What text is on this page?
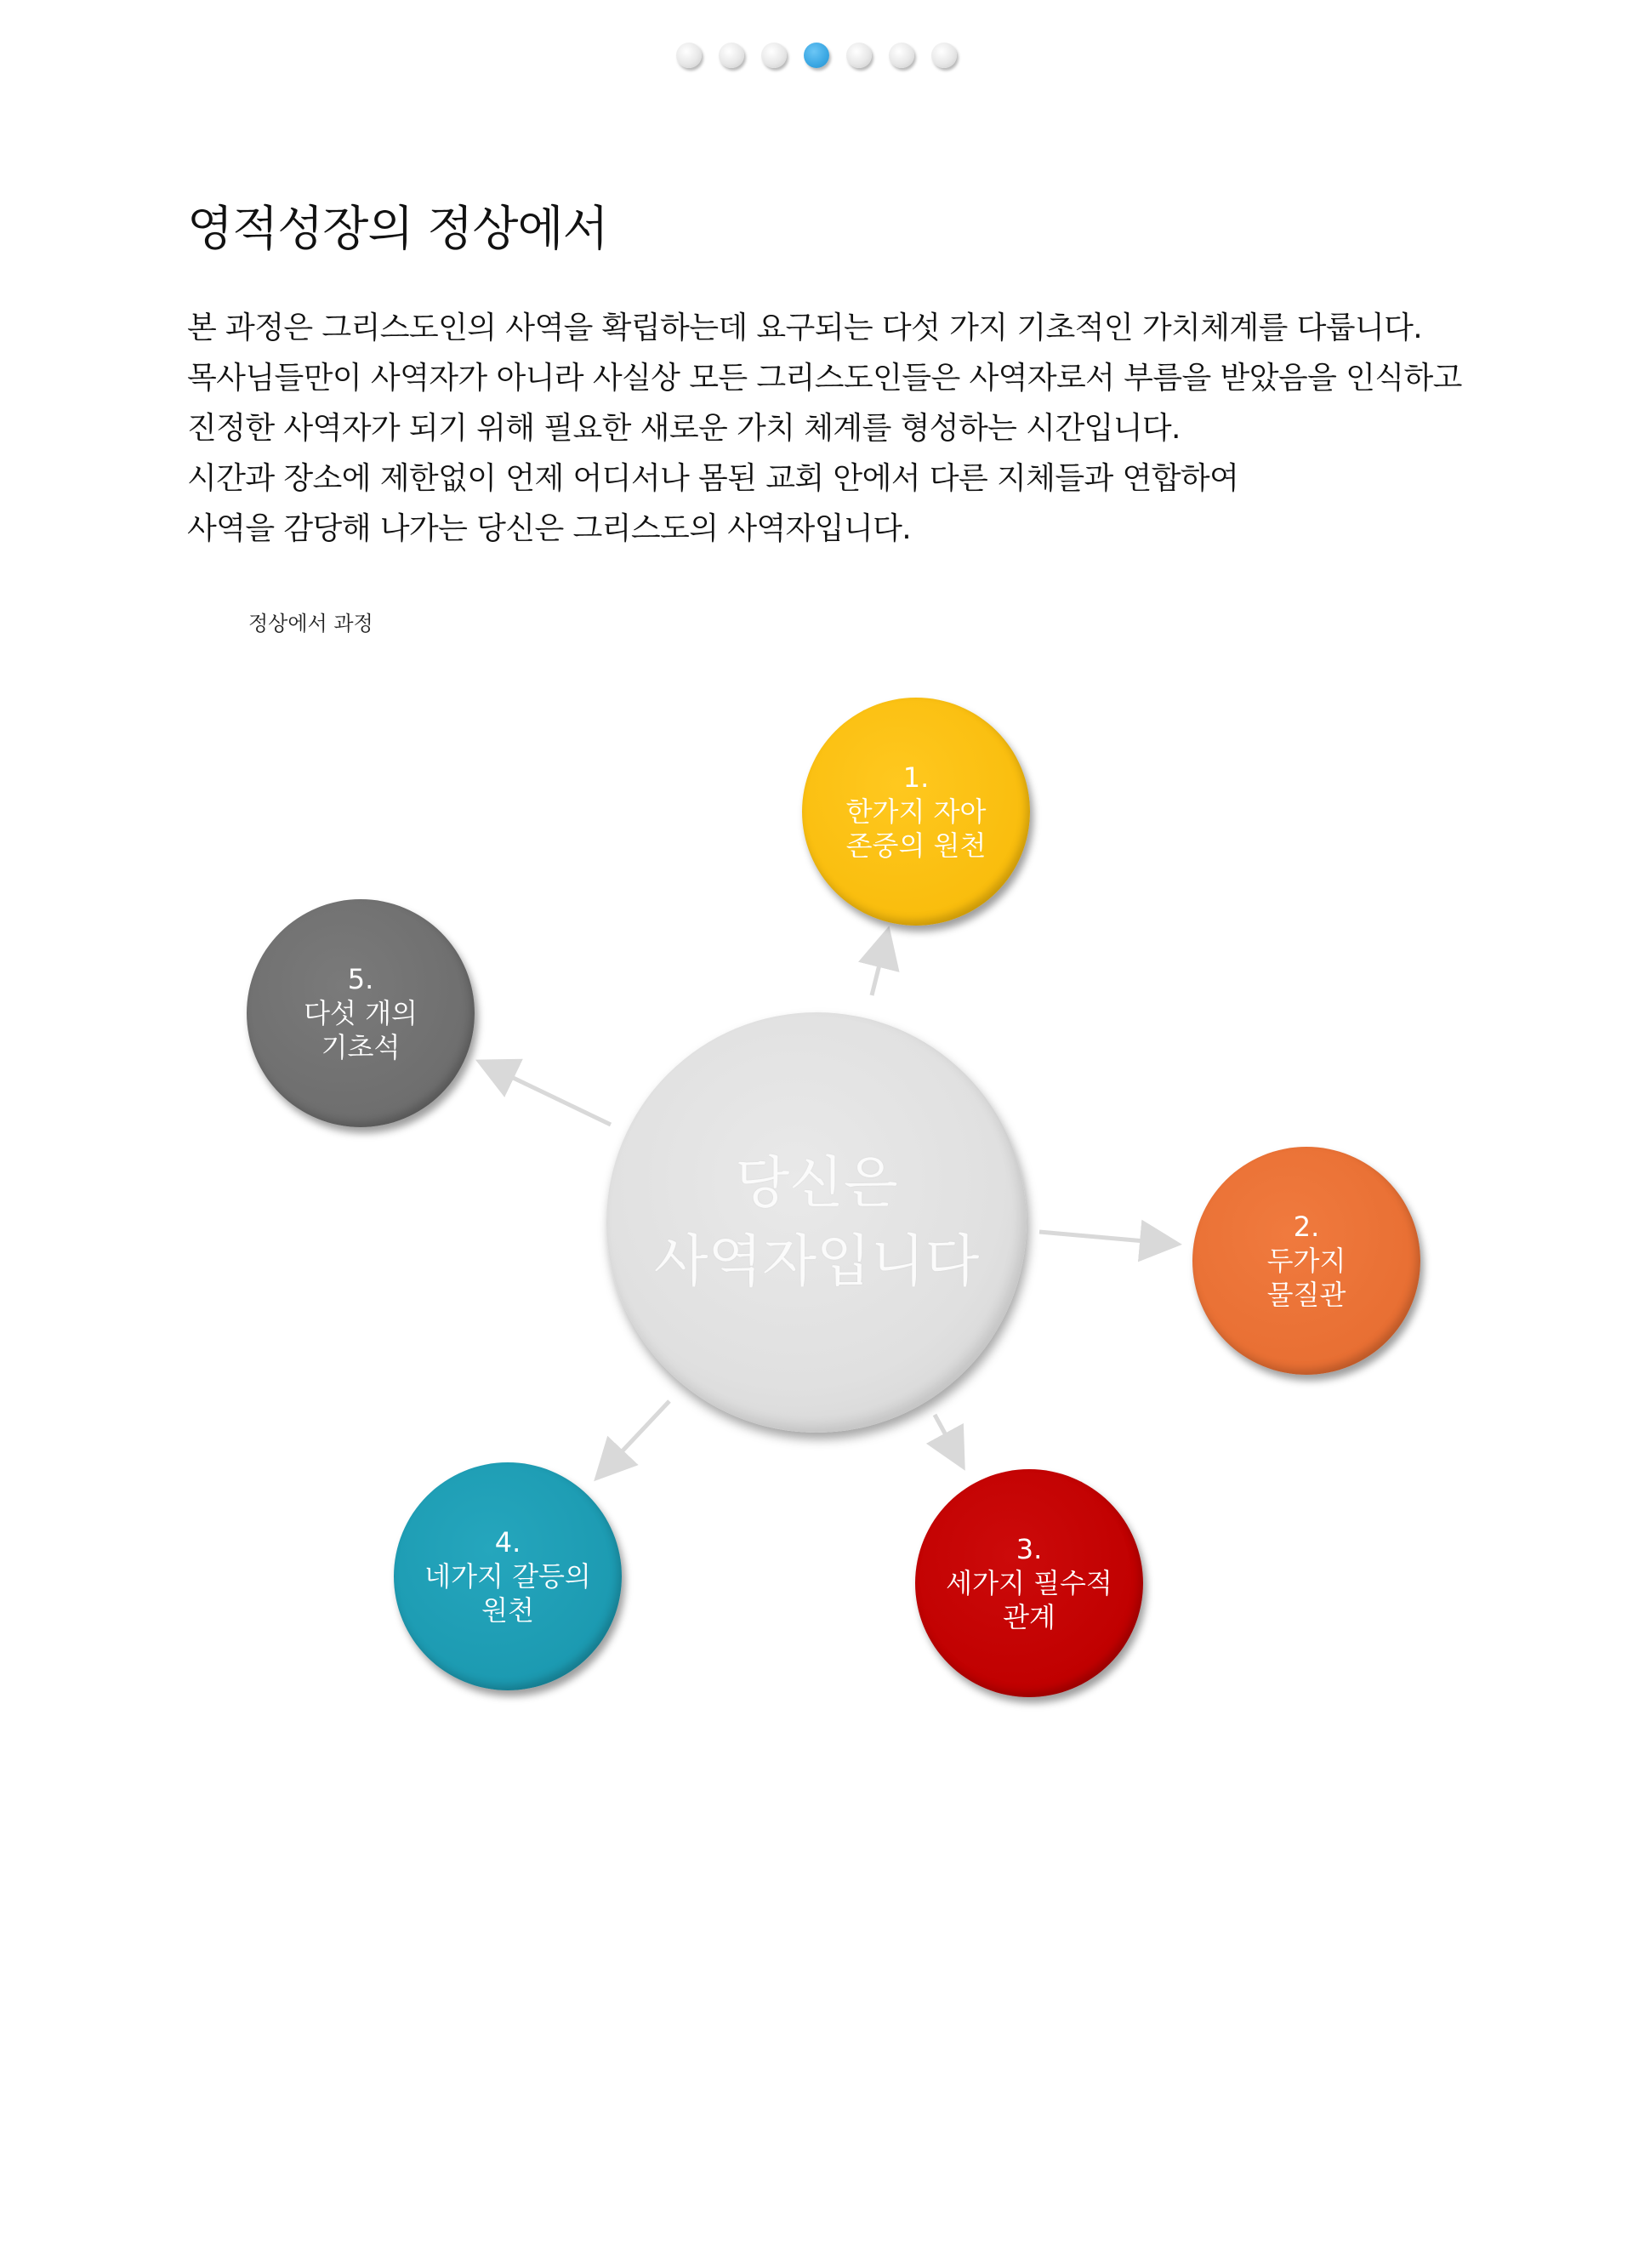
영적성장의 정상에서

본 과정은 그리스도인의 사역을 확립하는데 요구되는 다섯 가지 기초적인 가치체계를 다룹니다.

목사님들만이 사역자가 아니라 사실상 모든 그리스도인들은 사역자로서 부름을 받았음을 인식하고

진정한 사역자가 되기 위해 필요한 새로운 가치 체계를 형성하는 시간입니다.

시간과 장소에 제한없이 언제 어디서나 몸된 교회 안에서 다른 지체들과 연합하여

사역을 감당해 나가는 당신은 그리스도의 사역자입니다.

정상에서 과정
당신은
사역자입니다
1.
한가지 자아
존중의 원천
2.
두가지
물질관
3.
세가지 필수적
관계
4.
네가지 갈등의
원천
5.
다섯 개의
기초석
